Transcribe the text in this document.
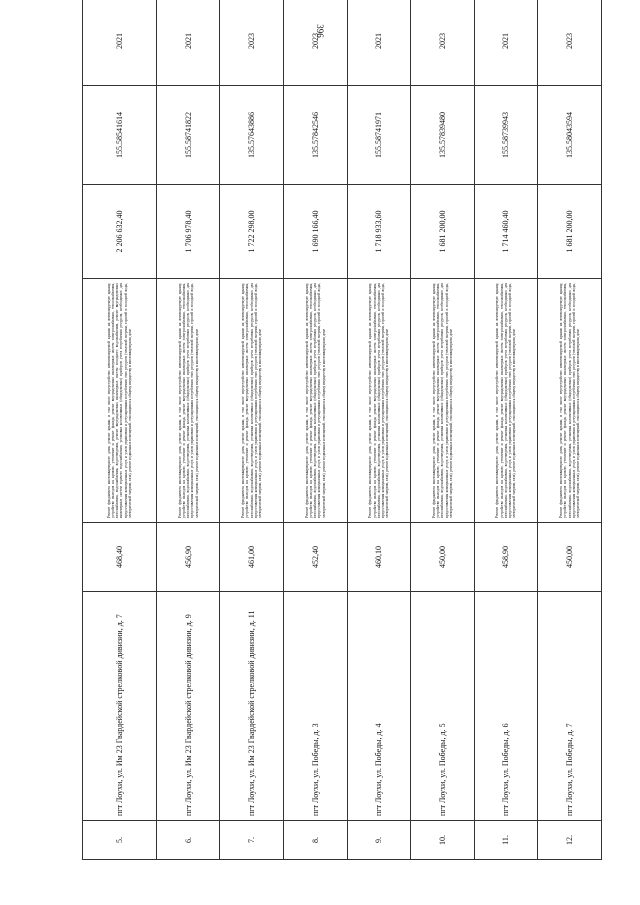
396
5.	пгт Лоухи, ул. Им 23 Гвардейской стрелковой дивизии, д. 7	468,40	Ремонт фундамента многоквартирного дома, ремонт крыши, в том числе переустройство невентилируемой крыши на вентилируемую крышу, устройство выходов на кровлю, утепление и ремонт фасада, ремонт внутридомовых инженерных систем электроснабжения, теплоснабжения, газоснабжения, водоснабжения, водоотведения, ремонт внутридомовых инженерных систем холодного водоснабжения, ремонт внутридомовых инженерных систем горячего водоснабжения, установка коллективных (общедомовых) приборов учета потребления ресурсов, необходимых для предоставления коммунальных услуг, и узлов управления и регулирования потребления этих ресурсов (тепловой энергии, горячей и холодной воды, электрической энергии, газа), ремонт подвальных помещений, относящихся к общему имуществу в многоквартирном доме	2 206 632,40	155.58541614	2021
6.	пгт Лоухи, ул. Им 23 Гвардейской стрелковой дивизии, д. 9	456,90	Ремонт фундамента многоквартирного дома, ремонт крыши, в том числе переустройство невентилируемой крыши на вентилируемую крышу, устройство выходов на кровлю, утепление и ремонт фасада, ремонт внутридомовых инженерных систем электроснабжения, теплоснабжения, газоснабжения, водоснабжения, водоотведения, установка коллективных (общедомовых) приборов учета потребления ресурсов, необходимых для предоставления коммунальных услуг, и узлов управления и регулирования потребления этих ресурсов (тепловой энергии, горячей и холодной воды, электрической энергии, газа), ремонт подвальных помещений, относящихся к общему имуществу в многоквартирном доме	1 706 978,40	155.58741822	2021
7.	пгт Лоухи, ул. Им 23 Гвардейской стрелковой дивизии, д. 11	461,00	Ремонт фундамента многоквартирного дома, ремонт крыши, в том числе переустройство невентилируемой крыши на вентилируемую крышу, устройство выходов на кровлю, утепление и ремонт фасада, ремонт внутридомовых инженерных систем электроснабжения, теплоснабжения, газоснабжения, водоснабжения, водоотведения, установка коллективных (общедомовых) приборов учета потребления ресурсов, необходимых для предоставления коммунальных услуг, и узлов управления и регулирования потребления этих ресурсов (тепловой энергии, горячей и холодной воды, электрической энергии, газа), ремонт подвальных помещений, относящихся к общему имуществу в многоквартирном доме	1 722 298,00	135.57643886	2023
8.	пгт Лоухи, ул. Победы, д. 3	452,40	Ремонт фундамента многоквартирного дома, ремонт крыши, в том числе переустройство невентилируемой крыши на вентилируемую крышу, устройство выходов на кровлю, утепление и ремонт фасада, ремонт внутридомовых инженерных систем электроснабжения, теплоснабжения, газоснабжения, водоснабжения, водоотведения, установка коллективных (общедомовых) приборов учета потребления ресурсов, необходимых для предоставления коммунальных услуг, и узлов управления и регулирования потребления этих ресурсов (тепловой энергии, горячей и холодной воды, электрической энергии, газа), ремонт подвальных помещений, относящихся к общему имуществу в многоквартирном доме	1 690 166,40	135.57842546	2023
9.	пгт Лоухи, ул. Победы, д. 4	460,10	Ремонт фундамента многоквартирного дома, ремонт крыши, в том числе переустройство невентилируемой крыши на вентилируемую крышу, устройство выходов на кровлю, утепление и ремонт фасада, ремонт внутридомовых инженерных систем электроснабжения, теплоснабжения, газоснабжения, водоснабжения, водоотведения, установка коллективных (общедомовых) приборов учета потребления ресурсов, необходимых для предоставления коммунальных услуг, и узлов управления и регулирования потребления этих ресурсов (тепловой энергии, горячей и холодной воды, электрической энергии, газа), ремонт подвальных помещений, относящихся к общему имуществу в многоквартирном доме	1 718 933,60	155.58741971	2021
10.	пгт Лоухи, ул. Победы, д. 5	450,00	Ремонт фундамента многоквартирного дома, ремонт крыши, в том числе переустройство невентилируемой крыши на вентилируемую крышу, устройство выходов на кровлю, утепление и ремонт фасада, ремонт внутридомовых инженерных систем электроснабжения, теплоснабжения, газоснабжения, водоснабжения, водоотведения, установка коллективных (общедомовых) приборов учета потребления ресурсов, необходимых для предоставления коммунальных услуг, и узлов управления и регулирования потребления этих ресурсов (тепловой энергии, горячей и холодной воды, электрической энергии, газа), ремонт подвальных помещений, относящихся к общему имуществу в многоквартирном доме	1 681 200,00	135.57839480	2023
11.	пгт Лоухи, ул. Победы, д. 6	458,90	Ремонт фундамента многоквартирного дома, ремонт крыши, в том числе переустройство невентилируемой крыши на вентилируемую крышу, устройство выходов на кровлю, утепление и ремонт фасада, ремонт внутридомовых инженерных систем электроснабжения, теплоснабжения, газоснабжения, водоснабжения, водоотведения, установка коллективных (общедомовых) приборов учета потребления ресурсов, необходимых для предоставления коммунальных услуг, и узлов управления и регулирования потребления этих ресурсов (тепловой энергии, горячей и холодной воды, электрической энергии, газа), ремонт подвальных помещений, относящихся к общему имуществу в многоквартирном доме	1 714 460,40	155.58739943	2021
12.	пгт Лоухи, ул. Победы, д. 7	450,00	Ремонт фундамента многоквартирного дома, ремонт крыши, в том числе переустройство невентилируемой крыши на вентилируемую крышу, устройство выходов на кровлю, утепление и ремонт фасада, ремонт внутридомовых инженерных систем электроснабжения, теплоснабжения, газоснабжения, водоснабжения, водоотведения, установка коллективных (общедомовых) приборов учета потребления ресурсов, необходимых для предоставления коммунальных услуг, и узлов управления и регулирования потребления этих ресурсов (тепловой энергии, горячей и холодной воды, электрической энергии, газа), ремонт подвальных помещений, относящихся к общему имуществу в многоквартирном доме	1 681 200,00	135.58043594	2023
